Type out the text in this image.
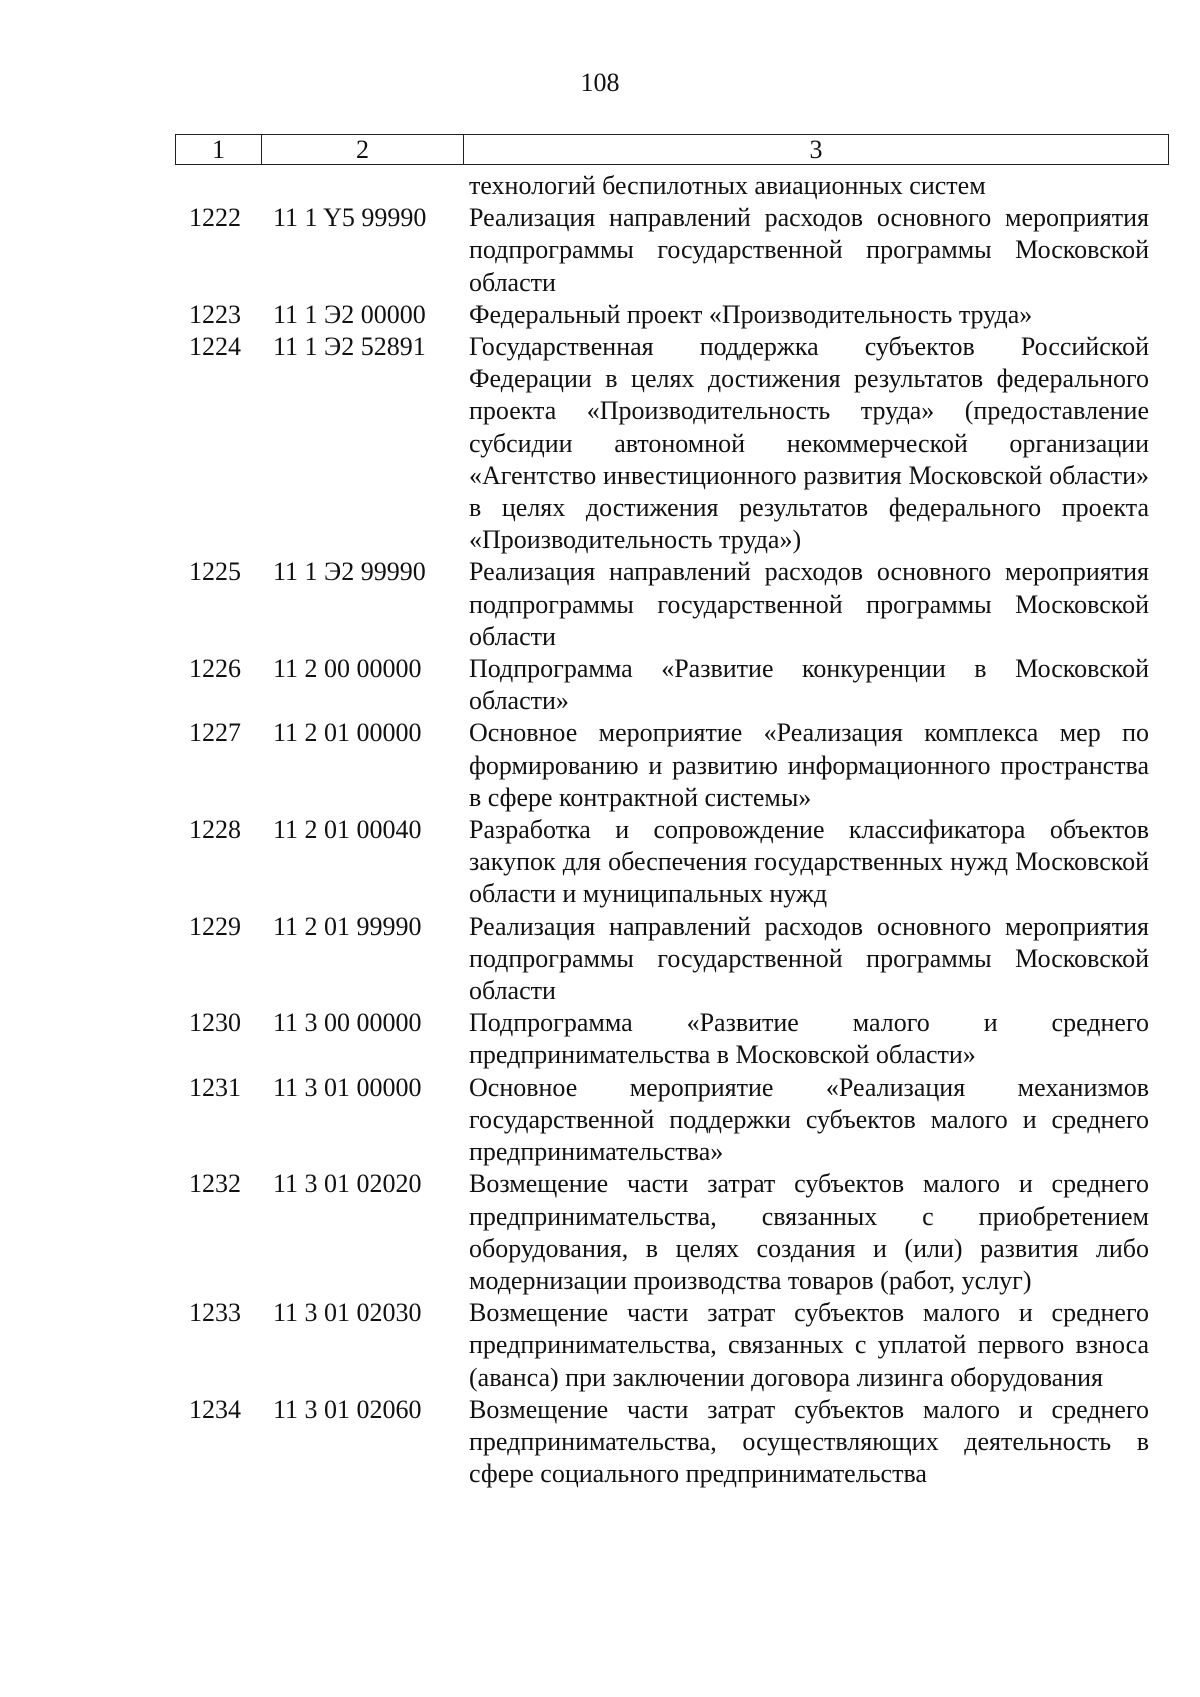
108
1	2	3
технологий беспилотных авиационных систем
1222	11 1 Y5 99990	Реализация направлений расходов основного мероприятия подпрограммы государственной программы Московской области
1223	11 1 Э2 00000	Федеральный проект «Производительность труда»
1224	11 1 Э2 52891	Государственная поддержка субъектов Российской Федерации в целях достижения результатов федерального проекта «Производительность труда» (предоставление субсидии автономной некоммерческой организации «Агентство инвестиционного развития Московской области» в целях достижения результатов федерального проекта «Производительность труда»)
1225	11 1 Э2 99990	Реализация направлений расходов основного мероприятия подпрограммы государственной программы Московской области
1226	11 2 00 00000	Подпрограмма «Развитие конкуренции в Московской области»
1227	11 2 01 00000	Основное мероприятие «Реализация комплекса мер по формированию и развитию информационного пространства в сфере контрактной системы»
1228	11 2 01 00040	Разработка и сопровождение классификатора объектов закупок для обеспечения государственных нужд Московской области и муниципальных нужд
1229	11 2 01 99990	Реализация направлений расходов основного мероприятия подпрограммы государственной программы Московской области
1230	11 3 00 00000	Подпрограмма «Развитие малого и среднего предпринимательства в Московской области»
1231	11 3 01 00000	Основное мероприятие «Реализация механизмов государственной поддержки субъектов малого и среднего предпринимательства»
1232	11 3 01 02020	Возмещение части затрат субъектов малого и среднего предпринимательства, связанных с приобретением оборудования, в целях создания и (или) развития либо модернизации производства товаров (работ, услуг)
1233	11 3 01 02030	Возмещение части затрат субъектов малого и среднего предпринимательства, связанных с уплатой первого взноса (аванса) при заключении договора лизинга оборудования
1234	11 3 01 02060	Возмещение части затрат субъектов малого и среднего предпринимательства, осуществляющих деятельность в сфере социального предпринимательства
